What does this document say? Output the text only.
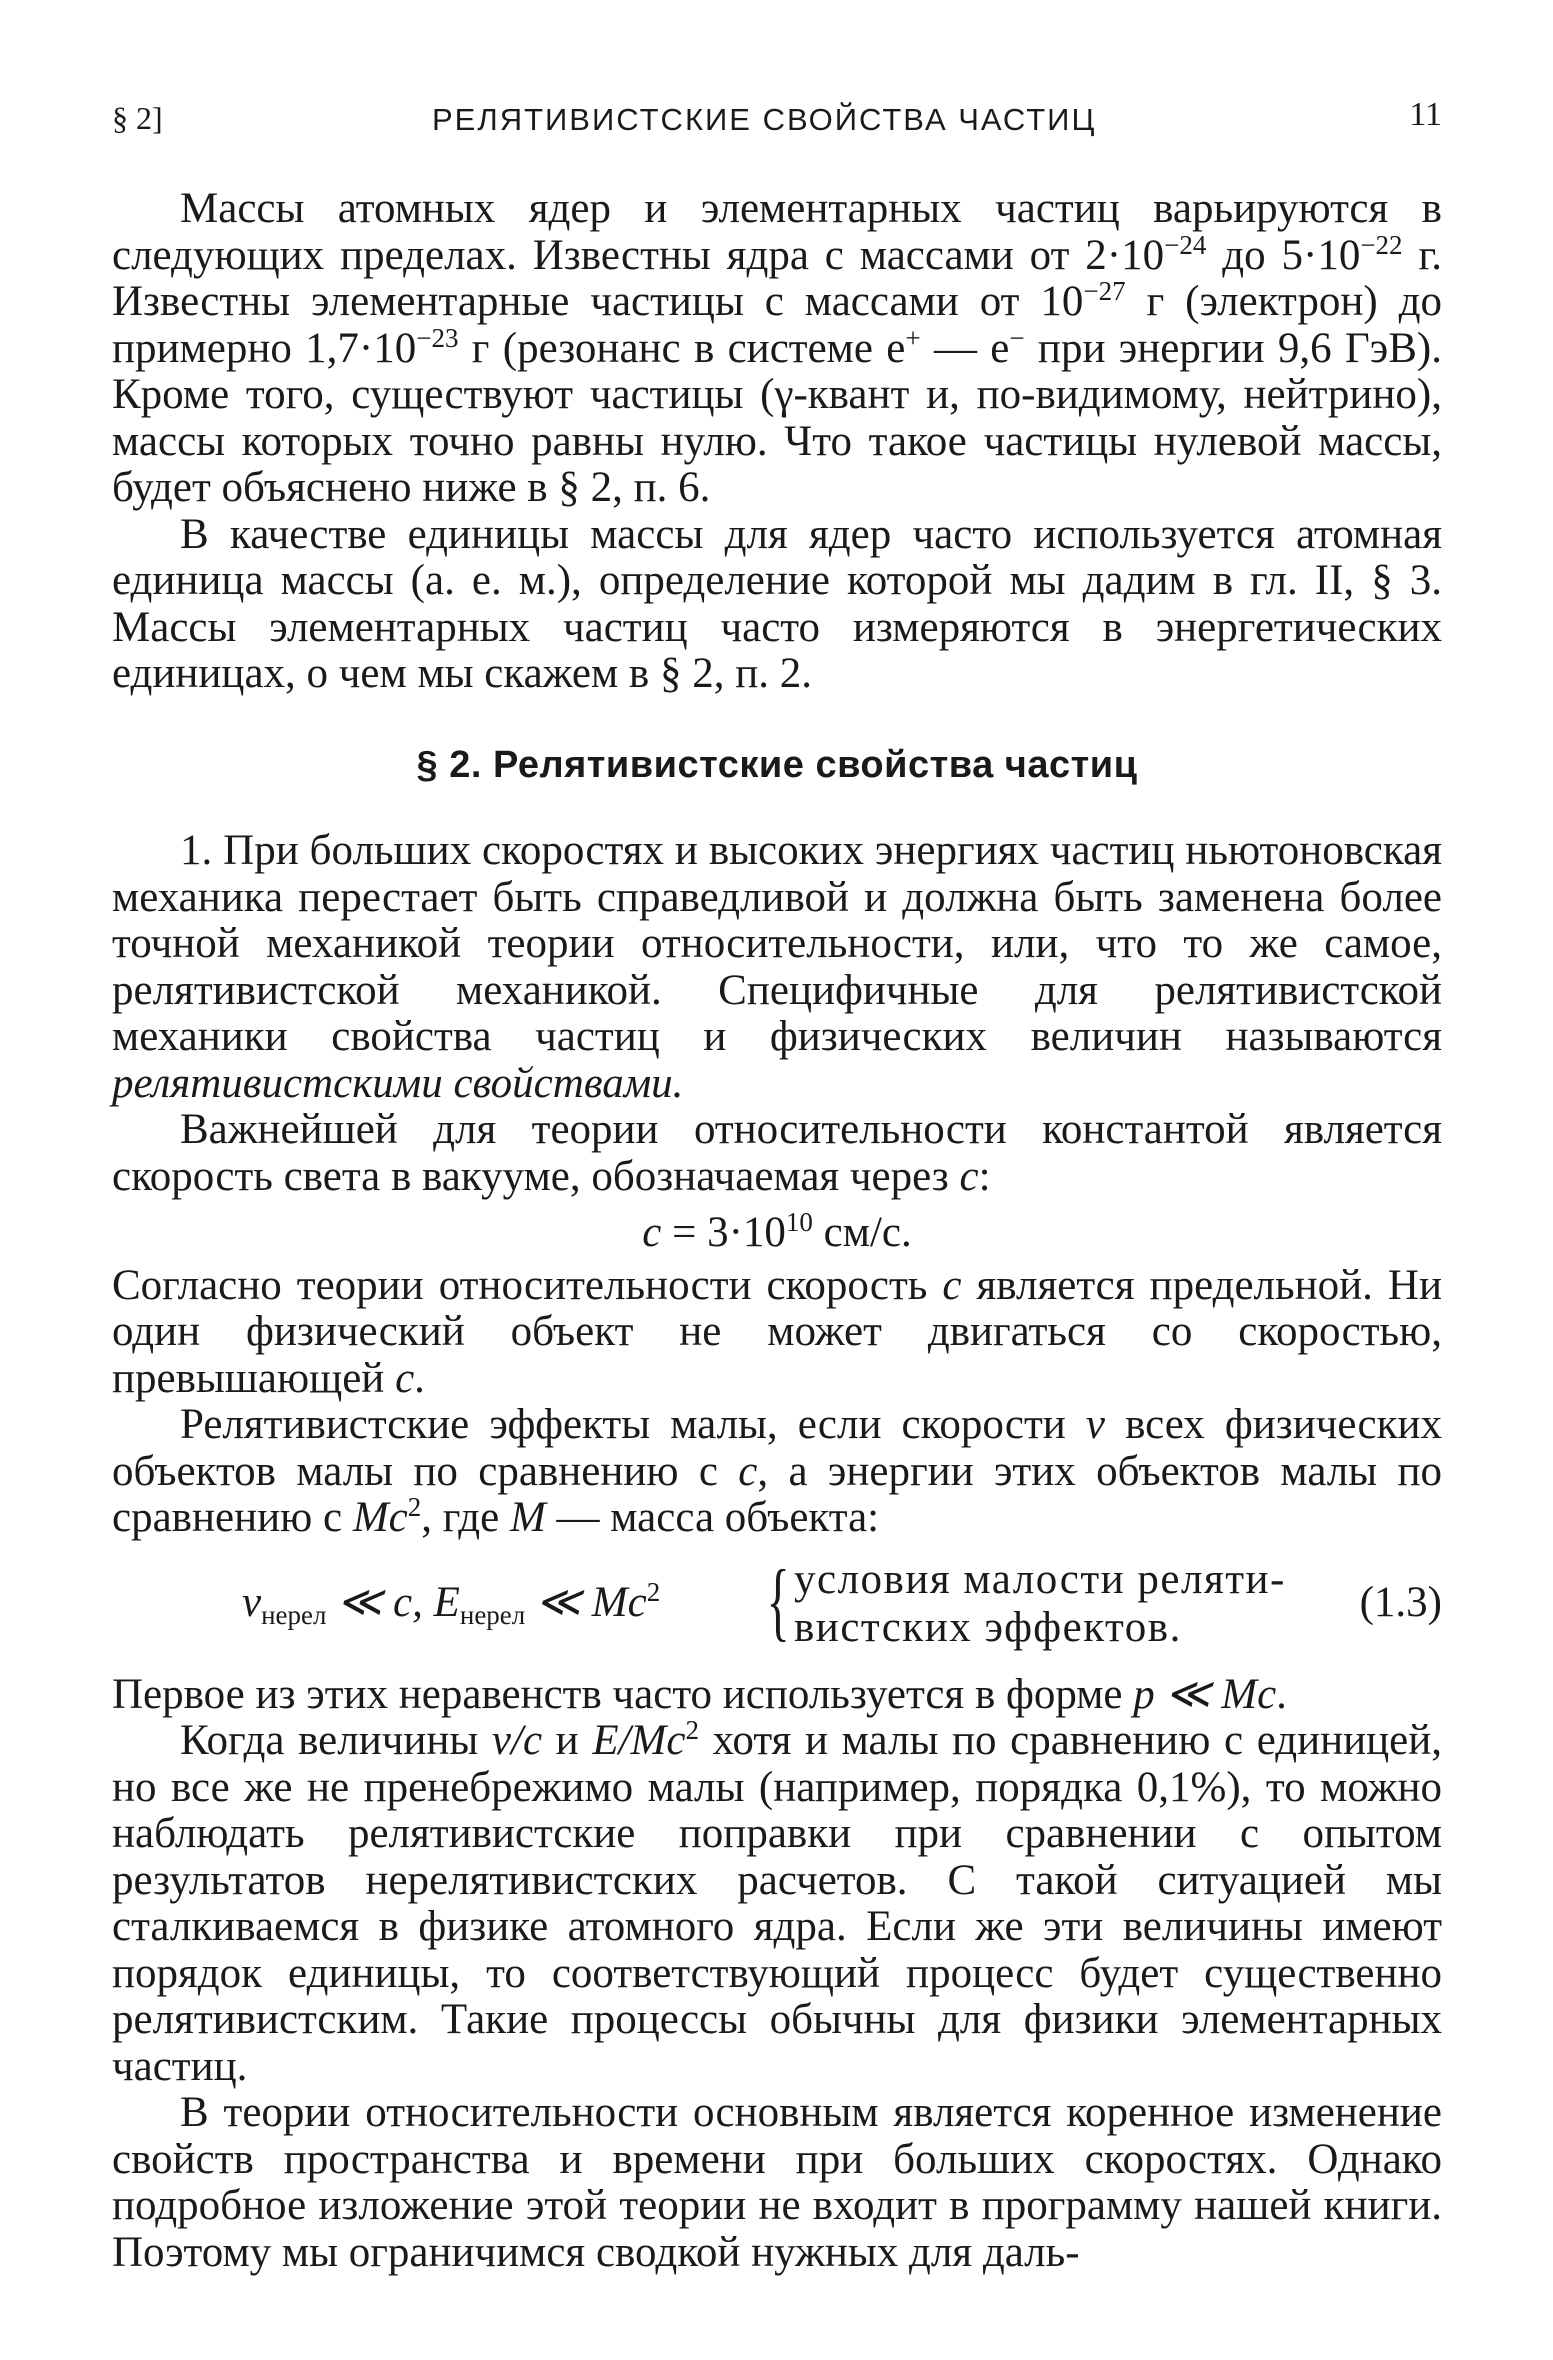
§ 2]	РЕЛЯТИВИСТСКИЕ СВОЙСТВА ЧАСТИЦ	11

Массы атомных ядер и элементарных частиц варьируются в следующих пределах. Известны ядра с массами от $2\cdot 10^{-24}$ до $5\cdot 10^{-22}$ г. Известны элементарные частицы с массами от $10^{-27}$ г (электрон) до примерно $1,7\cdot 10^{-23}$ г (резонанс в системе e+ — e− при энергии 9,6 ГэВ). Кроме того, существуют частицы (γ-квант и, по-видимому, нейтрино), массы которых точно равны нулю. Что такое частицы нулевой массы, будет объяснено ниже в § 2, п. 6.

В качестве единицы массы для ядер часто используется атомная единица массы (а. е. м.), определение которой мы дадим в гл. II, § 3. Массы элементарных частиц часто измеряются в энергетических единицах, о чем мы скажем в § 2, п. 2.

§ 2. Релятивистские свойства частиц

1. При больших скоростях и высоких энергиях частиц ньютоновская механика перестает быть справедливой и должна быть заменена более точной механикой теории относительности, или, что то же самое, релятивистской механикой. Специфичные для релятивистской механики свойства частиц и физических величин называются релятивистскими свойствами.

Важнейшей для теории относительности константой является скорость света в вакууме, обозначаемая через c:

$c = 3\cdot 10^{10}$ см/с.

Согласно теории относительности скорость c является предельной. Ни один физический объект не может двигаться со скоростью, превышающей c.

Релятивистские эффекты малы, если скорости v всех физических объектов малы по сравнению с c, а энергии этих объектов малы по сравнению с Mc$^2$, где M — масса объекта:

$v_{нерел}$ ≪ c, $E_{нерел}$ ≪ Mc$^2$ { условия малости реляти-
вистских эффектов.
(1.3)

Первое из этих неравенств часто используется в форме p ≪ Mc.

Когда величины v/c и E/Mc$^2$ хотя и малы по сравнению с единицей, но все же не пренебрежимо малы (например, порядка 0,1%), то можно наблюдать релятивистские поправки при сравнении с опытом результатов нерелятивистских расчетов. С такой ситуацией мы сталкиваемся в физике атомного ядра. Если же эти величины имеют порядок единицы, то соответствующий процесс будет существенно релятивистским. Такие процессы обычны для физики элементарных частиц.

В теории относительности основным является коренное изменение свойств пространства и времени при больших скоростях. Однако подробное изложение этой теории не входит в программу нашей книги. Поэтому мы ограничимся сводкой нужных для даль-
